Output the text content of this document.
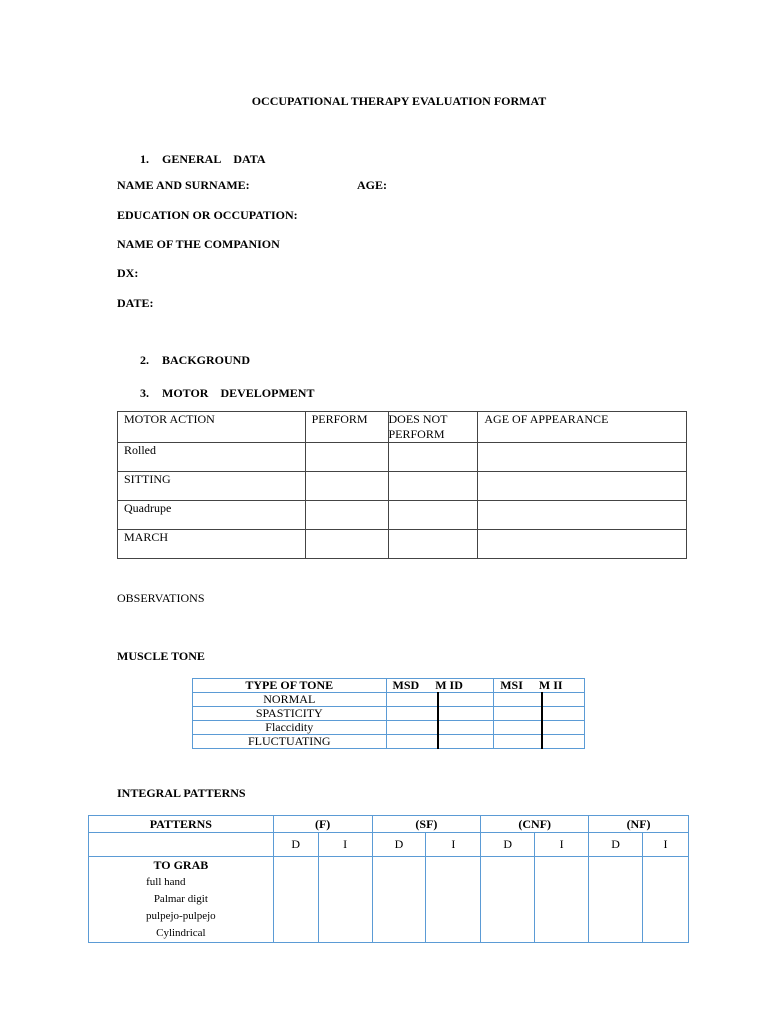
OCCUPATIONAL THERAPY EVALUATION FORMAT
1. GENERAL DATA
NAME AND SURNAME:	AGE:
EDUCATION OR OCCUPATION:
NAME OF THE COMPANION
DX:
DATE:
2. BACKGROUND
3. MOTOR DEVELOPMENT
MOTOR ACTION	PERFORM	DOES NOT PERFORM	AGE OF APPEARANCE
Rolled			
SITTING			
Quadrupe			
MARCH			
OBSERVATIONS
MUSCLE TONE
TYPE OF TONE	MSD M ID		MSI M II	
NORMAL				
SPASTICITY				
Flaccidity				
FLUCTUATING				
INTEGRAL PATTERNS
PATTERNS	(F)		(SF)		(CNF)		(NF)	
	D	I	D	I	D	I	D	I

TO GRAB
full hand
Palmar digit
pulpejo-pulpejo
Cylindrical								
